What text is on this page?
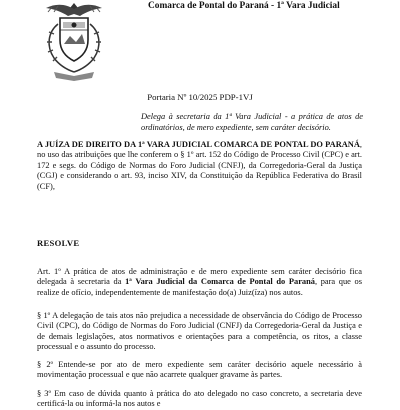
Comarca de Pontal do Paraná - 1ª Vara Judicial
Portaria Nº 10/2025 PDP-1VJ
Delega à secretaria da 1ª Vara Judicial - a prática de atos de ordinatórios, de mero expediente, sem caráter decisório.
A JUÍZA DE DIREITO DA 1ª VARA JUDICIAL COMARCA DE PONTAL DO PARANÁ, no uso das atribuições que lhe conferem o § 1º art. 152 do Código de Processo Civil (CPC) e art. 172 e segs. do Código de Normas do Foro Judicial (CNFJ), da Corregedoria-Geral da Justiça (CGJ) e considerando o art. 93, inciso XIV, da Constituição da República Federativa do Brasil (CF),
RESOLVE
Art. 1º A prática de atos de administração e de mero expediente sem caráter decisório fica delegada à secretaria da 1ª Vara Judicial da Comarca de Pontal do Paraná, para que os realize de ofício, independentemente de manifestação do(a) Juiz(íza) nos autos.
§ 1º A delegação de tais atos não prejudica a necessidade de observância do Código de Processo Civil (CPC), do Código de Normas do Foro Judicial (CNFJ) da Corregedoria-Geral da Justiça e de demais legislações, atos normativos e orientações para a competência, os ritos, a classe processual e o assunto do processo.
§ 2º Entende-se por ato de mero expediente sem caráter decisório aquele necessário à movimentação processual e que não acarrete qualquer gravame às partes.
§ 3º Em caso de dúvida quanto à prática do ato delegado no caso concreto, a secretaria deve certificá-la ou informá-la nos autos e
